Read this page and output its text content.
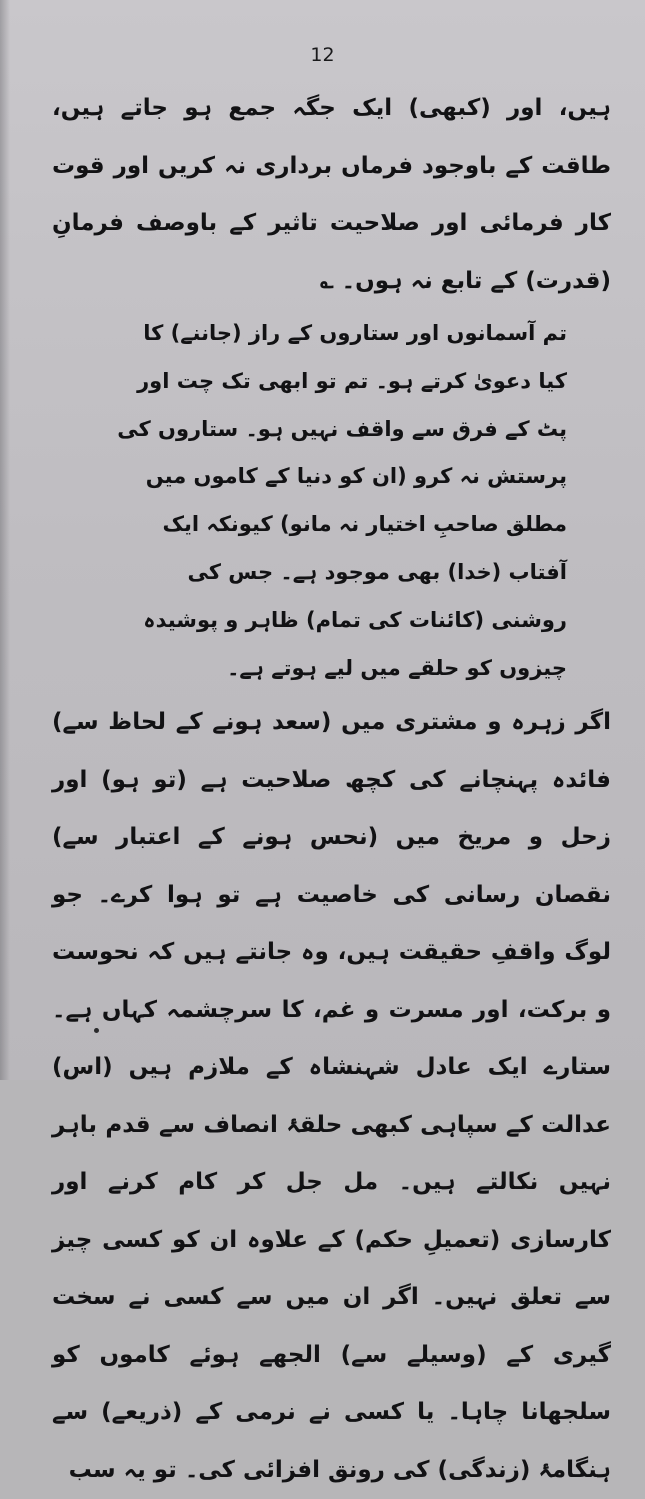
12

ہیں، اور (کبھی) ایک جگہ جمع ہو جاتے ہیں، طاقت کے باوجود فرماں برداری نہ کریں اور قوت کار فرمائی اور صلاحیت تاثیر کے باوصف فرمانِ (قدرت) کے تابع نہ ہوں۔ ؎

تم آسمانوں اور ستاروں کے راز (جاننے) کا کیا دعویٰ کرتے ہو۔ تم تو ابھی تک چت اور پٹ کے فرق سے واقف نہیں ہو۔ ستاروں کی پرستش نہ کرو (ان کو دنیا کے کاموں میں مطلق صاحبِ اختیار نہ مانو) کیونکہ ایک آفتاب (خدا) بھی موجود ہے۔ جس کی روشنی (کائنات کی تمام) ظاہر و پوشیدہ چیزوں کو حلقے میں لیے ہوتے ہے۔

اگر زہرہ و مشتری میں (سعد ہونے کے لحاظ سے) فائدہ پہنچانے کی کچھ صلاحیت ہے (تو ہو) اور زحل و مریخ میں (نحس ہونے کے اعتبار سے) نقصان رسانی کی خاصیت ہے تو ہوا کرے۔ جو لوگ واقفِ حقیقت ہیں، وہ جانتے ہیں کہ نحوست و برکت، اور مسرت و غم، کا سرچشمہ کہاں ہے۔ ستارے ایک عادل شہنشاہ کے ملازم ہیں (اس) عدالت کے سپاہی کبھی حلقۂ انصاف سے قدم باہر نہیں نکالتے ہیں۔ مل جل کر کام کرنے اور کارسازی (تعمیلِ حکم) کے علاوہ ان کو کسی چیز سے تعلق نہیں۔ اگر ان میں سے کسی نے سخت گیری کے (وسیلے سے) الجھے ہوئے کاموں کو سلجھانا چاہا۔ یا کسی نے نرمی کے (ذریعے) سے ہنگامۂ (زندگی) کی رونق افزائی کی۔ تو یہ سب
